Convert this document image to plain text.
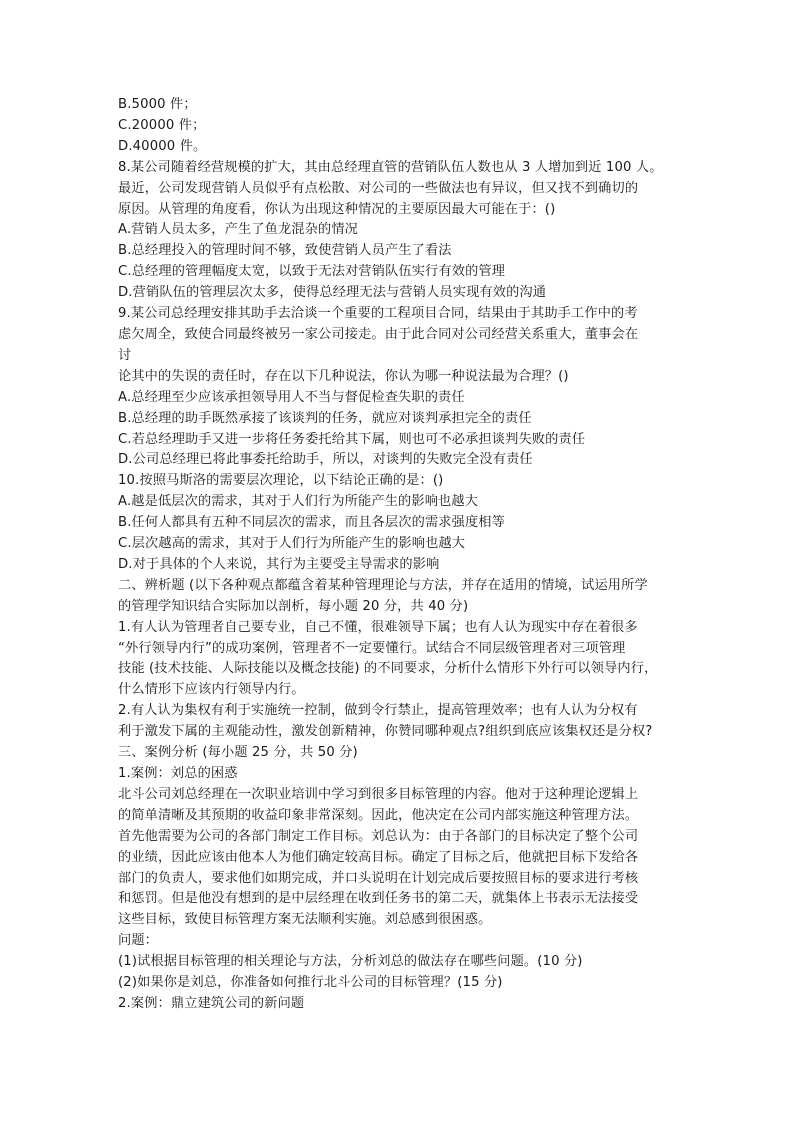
B.5000 件；
C.20000 件；
D.40000 件。
8.某公司随着经营规模的扩大，其由总经理直管的营销队伍人数也从 3 人增加到近 100 人。
最近，公司发现营销人员似乎有点松散、对公司的一些做法也有异议，但又找不到确切的
原因。从管理的角度看，你认为出现这种情况的主要原因最大可能在于：()
A.营销人员太多，产生了鱼龙混杂的情况
B.总经理投入的管理时间不够，致使营销人员产生了看法
C.总经理的管理幅度太宽，以致于无法对营销队伍实行有效的管理
D.营销队伍的管理层次太多，使得总经理无法与营销人员实现有效的沟通
9.某公司总经理安排其助手去洽谈一个重要的工程项目合同，结果由于其助手工作中的考
虑欠周全，致使合同最终被另一家公司接走。由于此合同对公司经营关系重大，董事会在
讨
论其中的失误的责任时，存在以下几种说法，你认为哪一种说法最为合理？()
A.总经理至少应该承担领导用人不当与督促检查失职的责任
B.总经理的助手既然承接了该谈判的任务，就应对谈判承担完全的责任
C.若总经理助手又进一步将任务委托给其下属，则也可不必承担谈判失败的责任
D.公司总经理已将此事委托给助手，所以，对谈判的失败完全没有责任
10.按照马斯洛的需要层次理论，以下结论正确的是：()
A.越是低层次的需求，其对于人们行为所能产生的影响也越大
B.任何人都具有五种不同层次的需求，而且各层次的需求强度相等
C.层次越高的需求，其对于人们行为所能产生的影响也越大
D.对于具体的个人来说，其行为主要受主导需求的影响
二、辨析题 (以下各种观点都蕴含着某种管理理论与方法，并存在适用的情境，试运用所学
的管理学知识结合实际加以剖析，每小题 20 分，共 40 分)
1.有人认为管理者自己要专业，自己不懂，很难领导下属；也有人认为现实中存在着很多
“外行领导内行”的成功案例，管理者不一定要懂行。试结合不同层级管理者对三项管理
技能 (技术技能、人际技能以及概念技能) 的不同要求，分析什么情形下外行可以领导内行，
什么情形下应该内行领导内行。
2.有人认为集权有利于实施统一控制，做到令行禁止，提高管理效率；也有人认为分权有
利于激发下属的主观能动性，激发创新精神，你赞同哪种观点?组织到底应该集权还是分权?
三、案例分析 (每小题 25 分，共 50 分)
1.案例：刘总的困惑
北斗公司刘总经理在一次职业培训中学习到很多目标管理的内容。他对于这种理论逻辑上
的简单清晰及其预期的收益印象非常深刻。因此，他决定在公司内部实施这种管理方法。
首先他需要为公司的各部门制定工作目标。刘总认为：由于各部门的目标决定了整个公司
的业绩，因此应该由他本人为他们确定较高目标。确定了目标之后，他就把目标下发给各
部门的负责人，要求他们如期完成，并口头说明在计划完成后要按照目标的要求进行考核
和惩罚。但是他没有想到的是中层经理在收到任务书的第二天，就集体上书表示无法接受
这些目标，致使目标管理方案无法顺利实施。刘总感到很困惑。
问题：
(1)试根据目标管理的相关理论与方法，分析刘总的做法存在哪些问题。(10 分)
(2)如果你是刘总，你准备如何推行北斗公司的目标管理？(15 分)
2.案例：鼎立建筑公司的新问题
